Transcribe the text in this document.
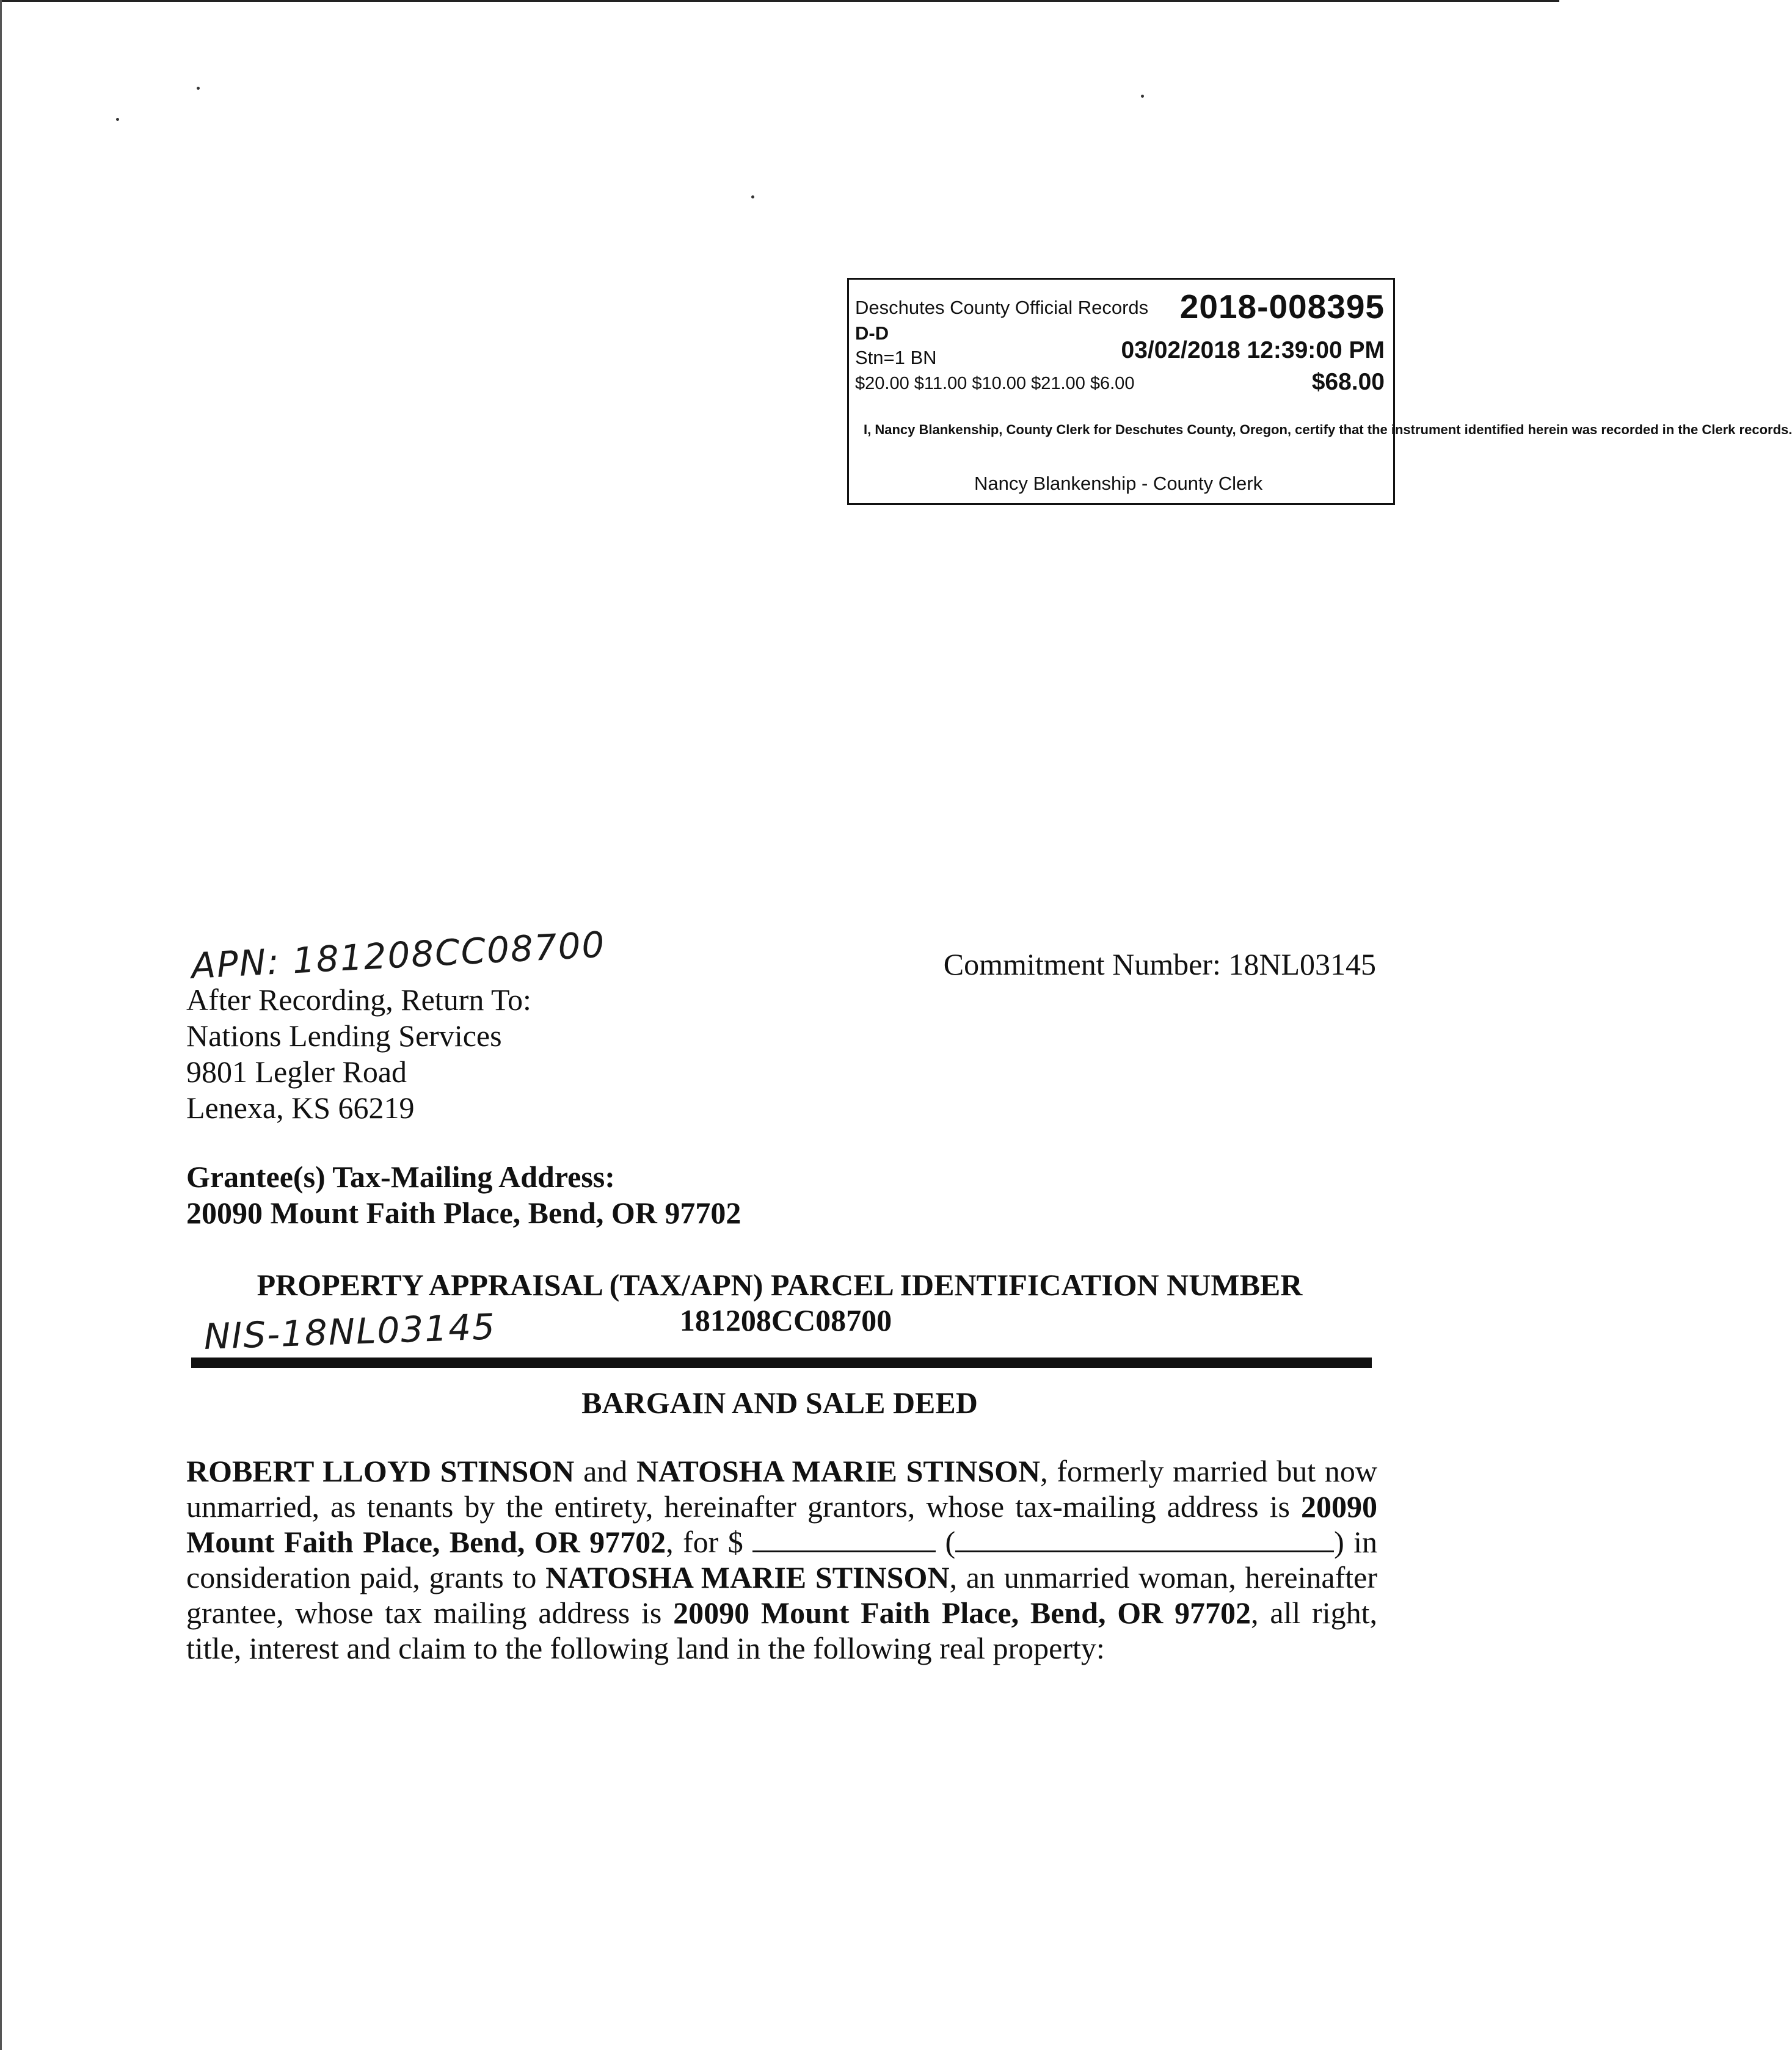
Deschutes County Official Records 2018-008395
D-D
Stn=1 BN	03/02/2018 12:39:00 PM
$20.00 $11.00 $10.00 $21.00 $6.00	$68.00
I, Nancy Blankenship, County Clerk for Deschutes County, Oregon, certify that the instrument identified herein was recorded in the Clerk records.
Nancy Blankenship - County Clerk
APN: 181208CC08700	Commitment Number: 18NL03145
After Recording, Return To:
Nations Lending Services
9801 Legler Road
Lenexa, KS 66219
Grantee(s) Tax-Mailing Address:
20090 Mount Faith Place, Bend, OR 97702
PROPERTY APPRAISAL (TAX/APN) PARCEL IDENTIFICATION NUMBER
181208CC08700
NIS-18NL03145
BARGAIN AND SALE DEED
ROBERT LLOYD STINSON and NATOSHA MARIE STINSON, formerly married but now unmarried, as tenants by the entirety, hereinafter grantors, whose tax-mailing address is 20090 Mount Faith Place, Bend, OR 97702, for $	(	) in consideration paid, grants to NATOSHA MARIE STINSON, an unmarried woman, hereinafter grantee, whose tax mailing address is 20090 Mount Faith Place, Bend, OR 97702, all right, title, interest and claim to the following land in the following real property:
